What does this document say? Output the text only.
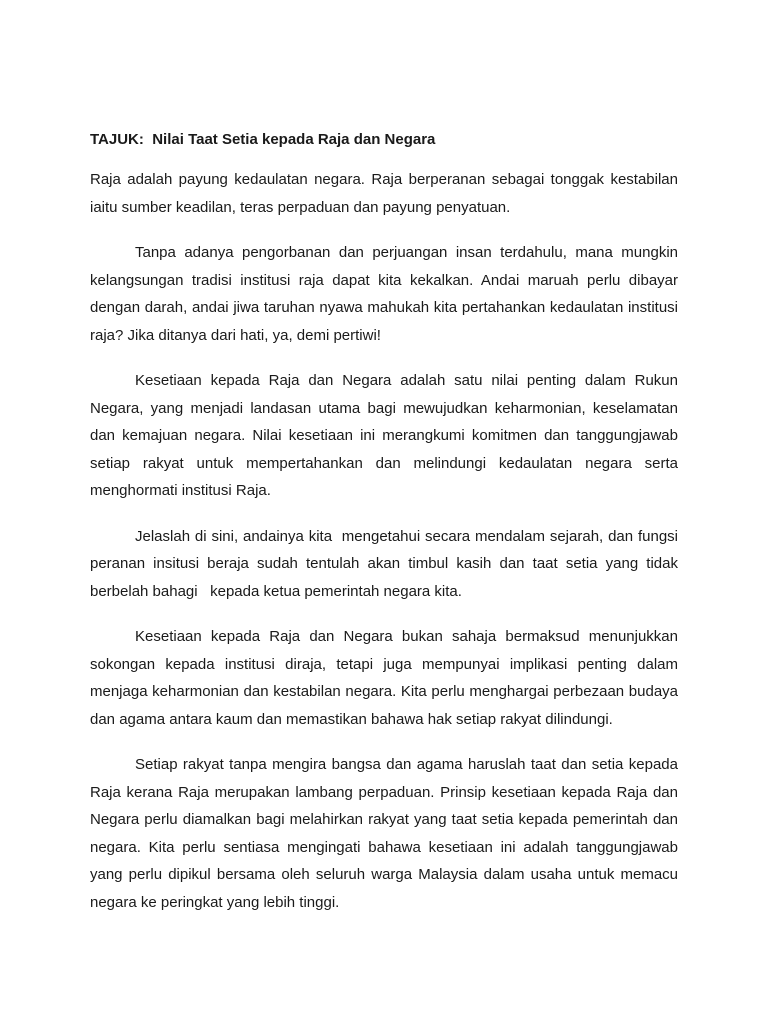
TAJUK:  Nilai Taat Setia kepada Raja dan Negara

Raja adalah payung kedaulatan negara. Raja berperanan sebagai tonggak kestabilan iaitu sumber keadilan, teras perpaduan dan payung penyatuan.

Tanpa adanya pengorbanan dan perjuangan insan terdahulu, mana mungkin kelangsungan tradisi institusi raja dapat kita kekalkan. Andai maruah perlu dibayar dengan darah, andai jiwa taruhan nyawa mahukah kita pertahankan kedaulatan institusi raja? Jika ditanya dari hati, ya, demi pertiwi!

Kesetiaan kepada Raja dan Negara adalah satu nilai penting dalam Rukun Negara, yang menjadi landasan utama bagi mewujudkan keharmonian, keselamatan dan kemajuan negara. Nilai kesetiaan ini merangkumi komitmen dan tanggungjawab setiap rakyat untuk mempertahankan dan melindungi kedaulatan negara serta menghormati institusi Raja.

Jelaslah di sini, andainya kita  mengetahui secara mendalam sejarah, dan fungsi peranan insitusi beraja sudah tentulah akan timbul kasih dan taat setia yang tidak berbelah bahagi   kepada ketua pemerintah negara kita.

Kesetiaan kepada Raja dan Negara bukan sahaja bermaksud menunjukkan sokongan kepada institusi diraja, tetapi juga mempunyai implikasi penting dalam menjaga keharmonian dan kestabilan negara. Kita perlu menghargai perbezaan budaya dan agama antara kaum dan memastikan bahawa hak setiap rakyat dilindungi.

Setiap rakyat tanpa mengira bangsa dan agama haruslah taat dan setia kepada Raja kerana Raja merupakan lambang perpaduan. Prinsip kesetiaan kepada Raja dan Negara perlu diamalkan bagi melahirkan rakyat yang taat setia kepada pemerintah dan negara. Kita perlu sentiasa mengingati bahawa kesetiaan ini adalah tanggungjawab yang perlu dipikul bersama oleh seluruh warga Malaysia dalam usaha untuk memacu negara ke peringkat yang lebih tinggi.
